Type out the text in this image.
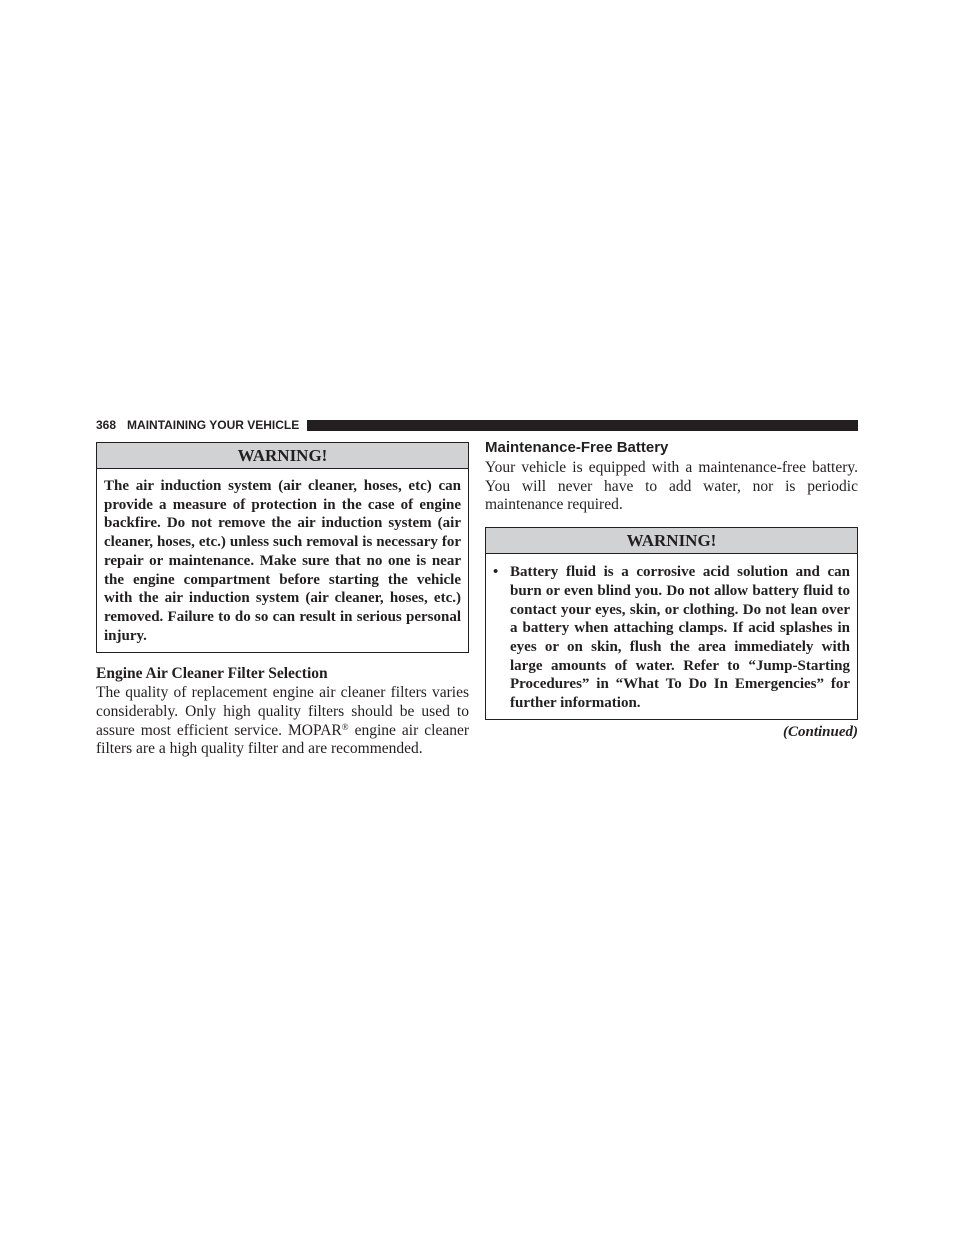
368 MAINTAINING YOUR VEHICLE
WARNING!
The air induction system (air cleaner, hoses, etc) can provide a measure of protection in the case of engine backfire. Do not remove the air induction system (air cleaner, hoses, etc.) unless such removal is necessary for repair or maintenance. Make sure that no one is near the engine compartment before starting the vehicle with the air induction system (air cleaner, hoses, etc.) removed. Failure to do so can result in serious personal injury.
Engine Air Cleaner Filter Selection
The quality of replacement engine air cleaner filters varies considerably. Only high quality filters should be used to assure most efficient service. MOPAR® engine air cleaner filters are a high quality filter and are recommended.
Maintenance-Free Battery
Your vehicle is equipped with a maintenance-free battery. You will never have to add water, nor is periodic maintenance required.
WARNING!
• Battery fluid is a corrosive acid solution and can burn or even blind you. Do not allow battery fluid to contact your eyes, skin, or clothing. Do not lean over a battery when attaching clamps. If acid splashes in eyes or on skin, flush the area immediately with large amounts of water. Refer to “Jump-Starting Procedures” in “What To Do In Emergencies” for further information.
(Continued)
